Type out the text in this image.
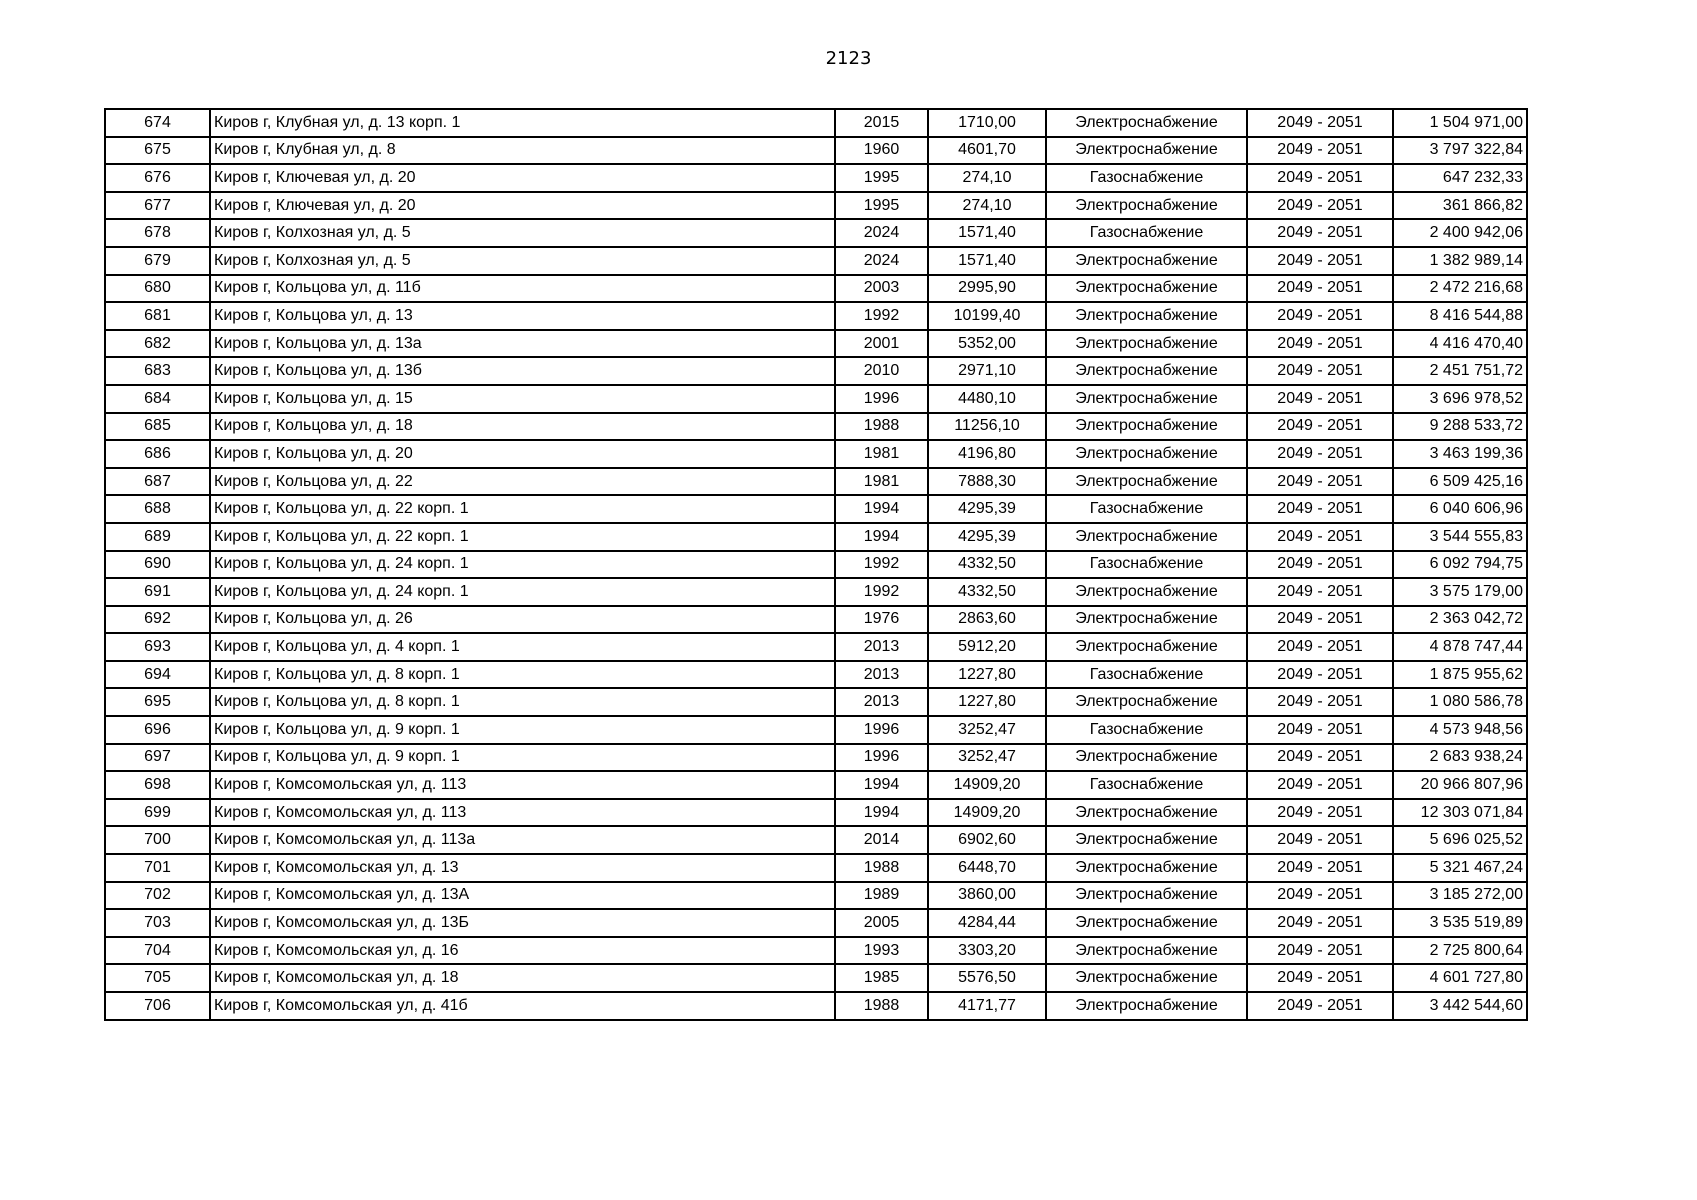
2123
674	Киров г, Клубная ул, д. 13 корп. 1	2015	1710,00	Электроснабжение	2049 - 2051	1 504 971,00
675	Киров г, Клубная ул, д. 8	1960	4601,70	Электроснабжение	2049 - 2051	3 797 322,84
676	Киров г, Ключевая ул, д. 20	1995	274,10	Газоснабжение	2049 - 2051	647 232,33
677	Киров г, Ключевая ул, д. 20	1995	274,10	Электроснабжение	2049 - 2051	361 866,82
678	Киров г, Колхозная ул, д. 5	2024	1571,40	Газоснабжение	2049 - 2051	2 400 942,06
679	Киров г, Колхозная ул, д. 5	2024	1571,40	Электроснабжение	2049 - 2051	1 382 989,14
680	Киров г, Кольцова ул, д. 11б	2003	2995,90	Электроснабжение	2049 - 2051	2 472 216,68
681	Киров г, Кольцова ул, д. 13	1992	10199,40	Электроснабжение	2049 - 2051	8 416 544,88
682	Киров г, Кольцова ул, д. 13а	2001	5352,00	Электроснабжение	2049 - 2051	4 416 470,40
683	Киров г, Кольцова ул, д. 13б	2010	2971,10	Электроснабжение	2049 - 2051	2 451 751,72
684	Киров г, Кольцова ул, д. 15	1996	4480,10	Электроснабжение	2049 - 2051	3 696 978,52
685	Киров г, Кольцова ул, д. 18	1988	11256,10	Электроснабжение	2049 - 2051	9 288 533,72
686	Киров г, Кольцова ул, д. 20	1981	4196,80	Электроснабжение	2049 - 2051	3 463 199,36
687	Киров г, Кольцова ул, д. 22	1981	7888,30	Электроснабжение	2049 - 2051	6 509 425,16
688	Киров г, Кольцова ул, д. 22 корп. 1	1994	4295,39	Газоснабжение	2049 - 2051	6 040 606,96
689	Киров г, Кольцова ул, д. 22 корп. 1	1994	4295,39	Электроснабжение	2049 - 2051	3 544 555,83
690	Киров г, Кольцова ул, д. 24 корп. 1	1992	4332,50	Газоснабжение	2049 - 2051	6 092 794,75
691	Киров г, Кольцова ул, д. 24 корп. 1	1992	4332,50	Электроснабжение	2049 - 2051	3 575 179,00
692	Киров г, Кольцова ул, д. 26	1976	2863,60	Электроснабжение	2049 - 2051	2 363 042,72
693	Киров г, Кольцова ул, д. 4 корп. 1	2013	5912,20	Электроснабжение	2049 - 2051	4 878 747,44
694	Киров г, Кольцова ул, д. 8 корп. 1	2013	1227,80	Газоснабжение	2049 - 2051	1 875 955,62
695	Киров г, Кольцова ул, д. 8 корп. 1	2013	1227,80	Электроснабжение	2049 - 2051	1 080 586,78
696	Киров г, Кольцова ул, д. 9 корп. 1	1996	3252,47	Газоснабжение	2049 - 2051	4 573 948,56
697	Киров г, Кольцова ул, д. 9 корп. 1	1996	3252,47	Электроснабжение	2049 - 2051	2 683 938,24
698	Киров г, Комсомольская ул, д. 113	1994	14909,20	Газоснабжение	2049 - 2051	20 966 807,96
699	Киров г, Комсомольская ул, д. 113	1994	14909,20	Электроснабжение	2049 - 2051	12 303 071,84
700	Киров г, Комсомольская ул, д. 113а	2014	6902,60	Электроснабжение	2049 - 2051	5 696 025,52
701	Киров г, Комсомольская ул, д. 13	1988	6448,70	Электроснабжение	2049 - 2051	5 321 467,24
702	Киров г, Комсомольская ул, д. 13А	1989	3860,00	Электроснабжение	2049 - 2051	3 185 272,00
703	Киров г, Комсомольская ул, д. 13Б	2005	4284,44	Электроснабжение	2049 - 2051	3 535 519,89
704	Киров г, Комсомольская ул, д. 16	1993	3303,20	Электроснабжение	2049 - 2051	2 725 800,64
705	Киров г, Комсомольская ул, д. 18	1985	5576,50	Электроснабжение	2049 - 2051	4 601 727,80
706	Киров г, Комсомольская ул, д. 41б	1988	4171,77	Электроснабжение	2049 - 2051	3 442 544,60
